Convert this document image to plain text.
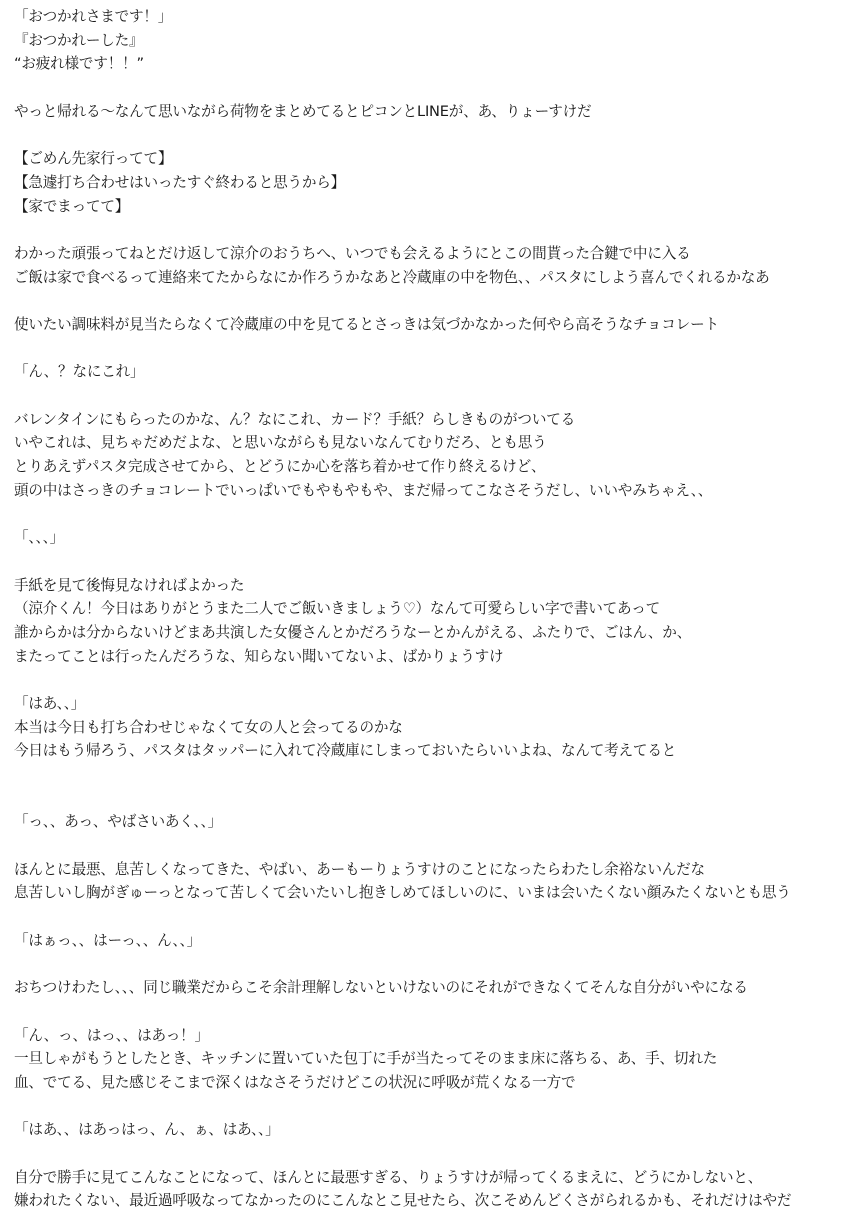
「おつかれさまです！」
『おつかれーした』
“お疲れ様です！！”
やっと帰れる〜なんて思いながら荷物をまとめてるとピコンとLINEが、あ、りょーすけだ
【ごめん先家行ってて】
【急遽打ち合わせはいったすぐ終わると思うから】
【家でまってて】
わかった頑張ってねとだけ返して涼介のおうちへ、いつでも会えるようにとこの間貰った合鍵で中に入る
ご飯は家で食べるって連絡来てたからなにか作ろうかなあと冷蔵庫の中を物色、、パスタにしよう喜んでくれるかなあ
使いたい調味料が見当たらなくて冷蔵庫の中を見てるとさっきは気づかなかった何やら高そうなチョコレート
「ん、？なにこれ」
バレンタインにもらったのかな、ん？なにこれ、カード？手紙？らしきものがついてる
いやこれは、見ちゃだめだよな、と思いながらも見ないなんてむりだろ、とも思う
とりあえずパスタ完成させてから、とどうにか心を落ち着かせて作り終えるけど、
頭の中はさっきのチョコレートでいっぱいでもやもやもや、まだ帰ってこなさそうだし、いいやみちゃえ、、
「、、、」
手紙を見て後悔見なければよかった
（涼介くん！今日はありがとうまた二人でご飯いきましょう♡）なんて可愛らしい字で書いてあって
誰からかは分からないけどまあ共演した女優さんとかだろうなーとかんがえる、ふたりで、ごはん、か、
またってことは行ったんだろうな、知らない聞いてないよ、ばかりょうすけ
「はあ、、」
本当は今日も打ち合わせじゃなくて女の人と会ってるのかな
今日はもう帰ろう、パスタはタッパーに入れて冷蔵庫にしまっておいたらいいよね、なんて考えてると
「っ、、あっ、やばさいあく、、」
ほんとに最悪、息苦しくなってきた、やばい、あーもーりょうすけのことになったらわたし余裕ないんだな
息苦しいし胸がぎゅーっとなって苦しくて会いたいし抱きしめてほしいのに、いまは会いたくない顔みたくないとも思う
「はぁっ、、はーっ、、ん、、」
おちつけわたし、、、同じ職業だからこそ余計理解しないといけないのにそれができなくてそんな自分がいやになる
「ん、っ、はっ、、はあっ！」
一旦しゃがもうとしたとき、キッチンに置いていた包丁に手が当たってそのまま床に落ちる、あ、手、切れた
血、でてる、見た感じそこまで深くはなさそうだけどこの状況に呼吸が荒くなる一方で
「はあ、、はあっはっ、ん、ぁ、はあ、、」
自分で勝手に見てこんなことになって、ほんとに最悪すぎる、りょうすけが帰ってくるまえに、どうにかしないと、
嫌われたくない、最近過呼吸なってなかったのにこんなとこ見せたら、次こそめんどくさがられるかも、それだけはやだ
